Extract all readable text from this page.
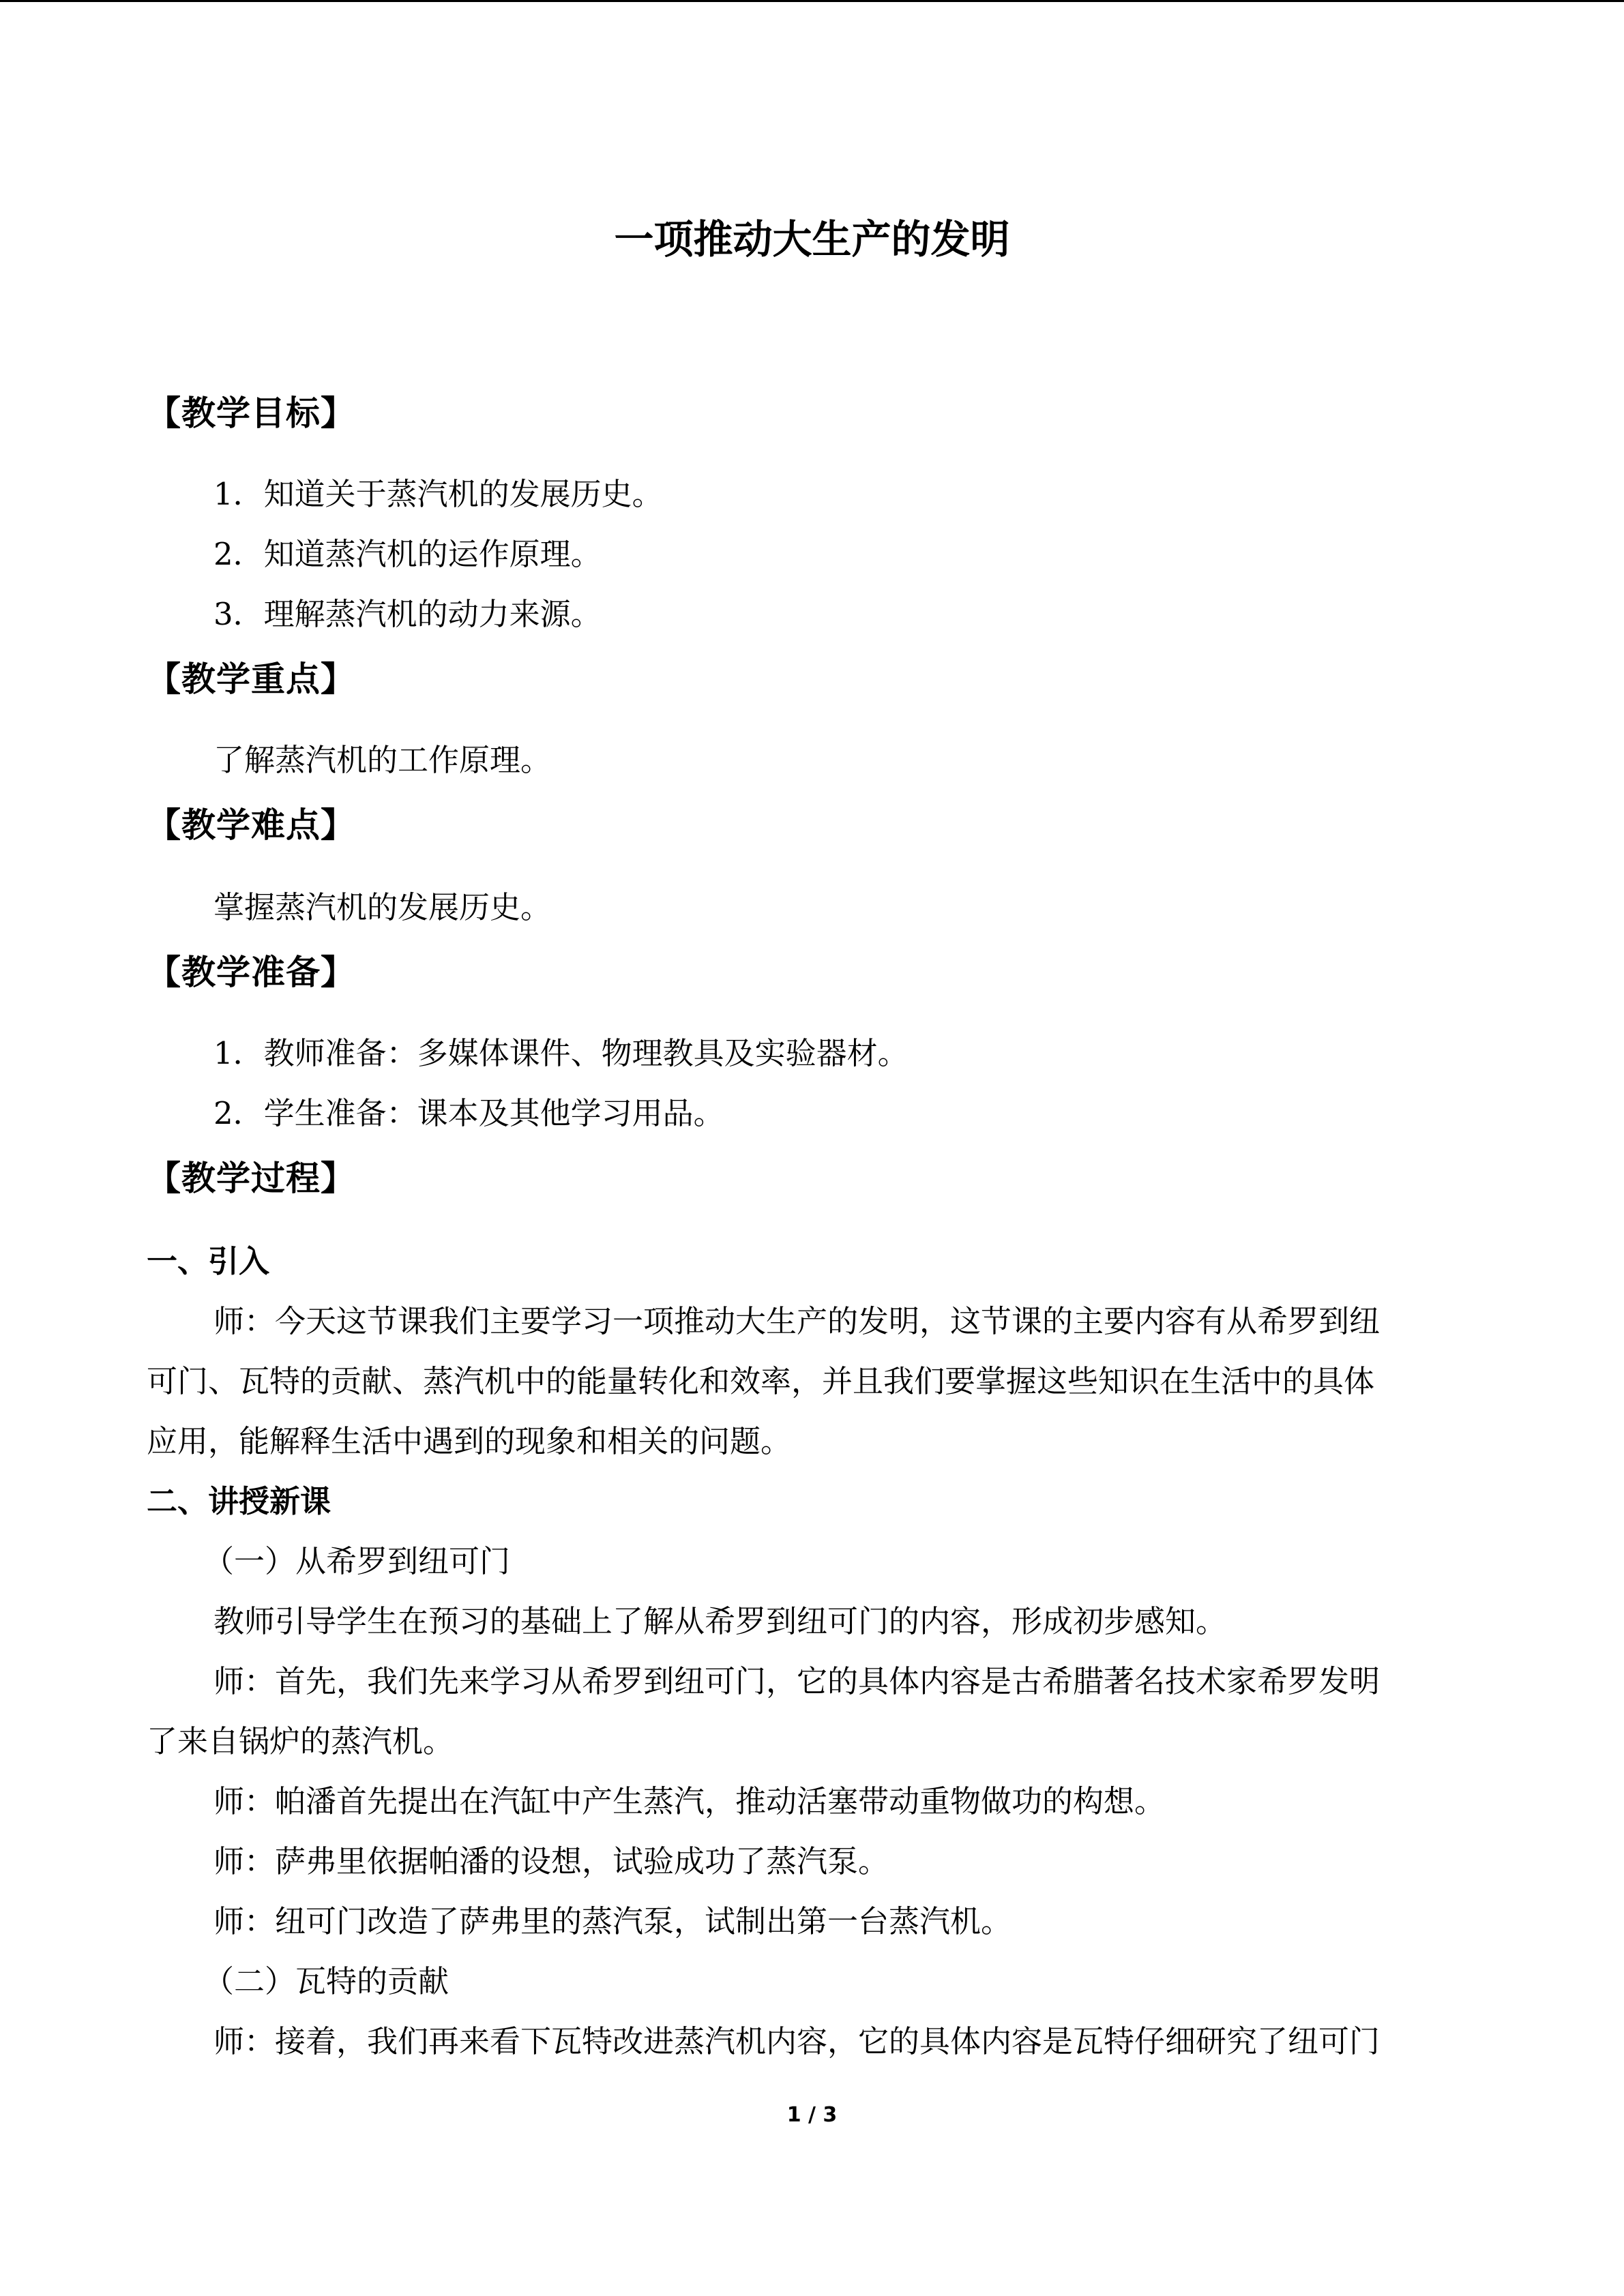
一项推动大生产的发明
【教学目标】
1．知道关于蒸汽机的发展历史。
2．知道蒸汽机的运作原理。
3．理解蒸汽机的动力来源。
【教学重点】
了解蒸汽机的工作原理。
【教学难点】
掌握蒸汽机的发展历史。
【教学准备】
1．教师准备：多媒体课件、物理教具及实验器材。
2．学生准备：课本及其他学习用品。
【教学过程】
一、引入
师：今天这节课我们主要学习一项推动大生产的发明，这节课的主要内容有从希罗到纽
可门、瓦特的贡献、蒸汽机中的能量转化和效率，并且我们要掌握这些知识在生活中的具体
应用，能解释生活中遇到的现象和相关的问题。
二、讲授新课
（一）从希罗到纽可门
教师引导学生在预习的基础上了解从希罗到纽可门的内容，形成初步感知。
师：首先，我们先来学习从希罗到纽可门，它的具体内容是古希腊著名技术家希罗发明
了来自锅炉的蒸汽机。
师：帕潘首先提出在汽缸中产生蒸汽，推动活塞带动重物做功的构想。
师：萨弗里依据帕潘的设想，试验成功了蒸汽泵。
师：纽可门改造了萨弗里的蒸汽泵，试制出第一台蒸汽机。
（二）瓦特的贡献
师：接着，我们再来看下瓦特改进蒸汽机内容，它的具体内容是瓦特仔细研究了纽可门
1 / 3
